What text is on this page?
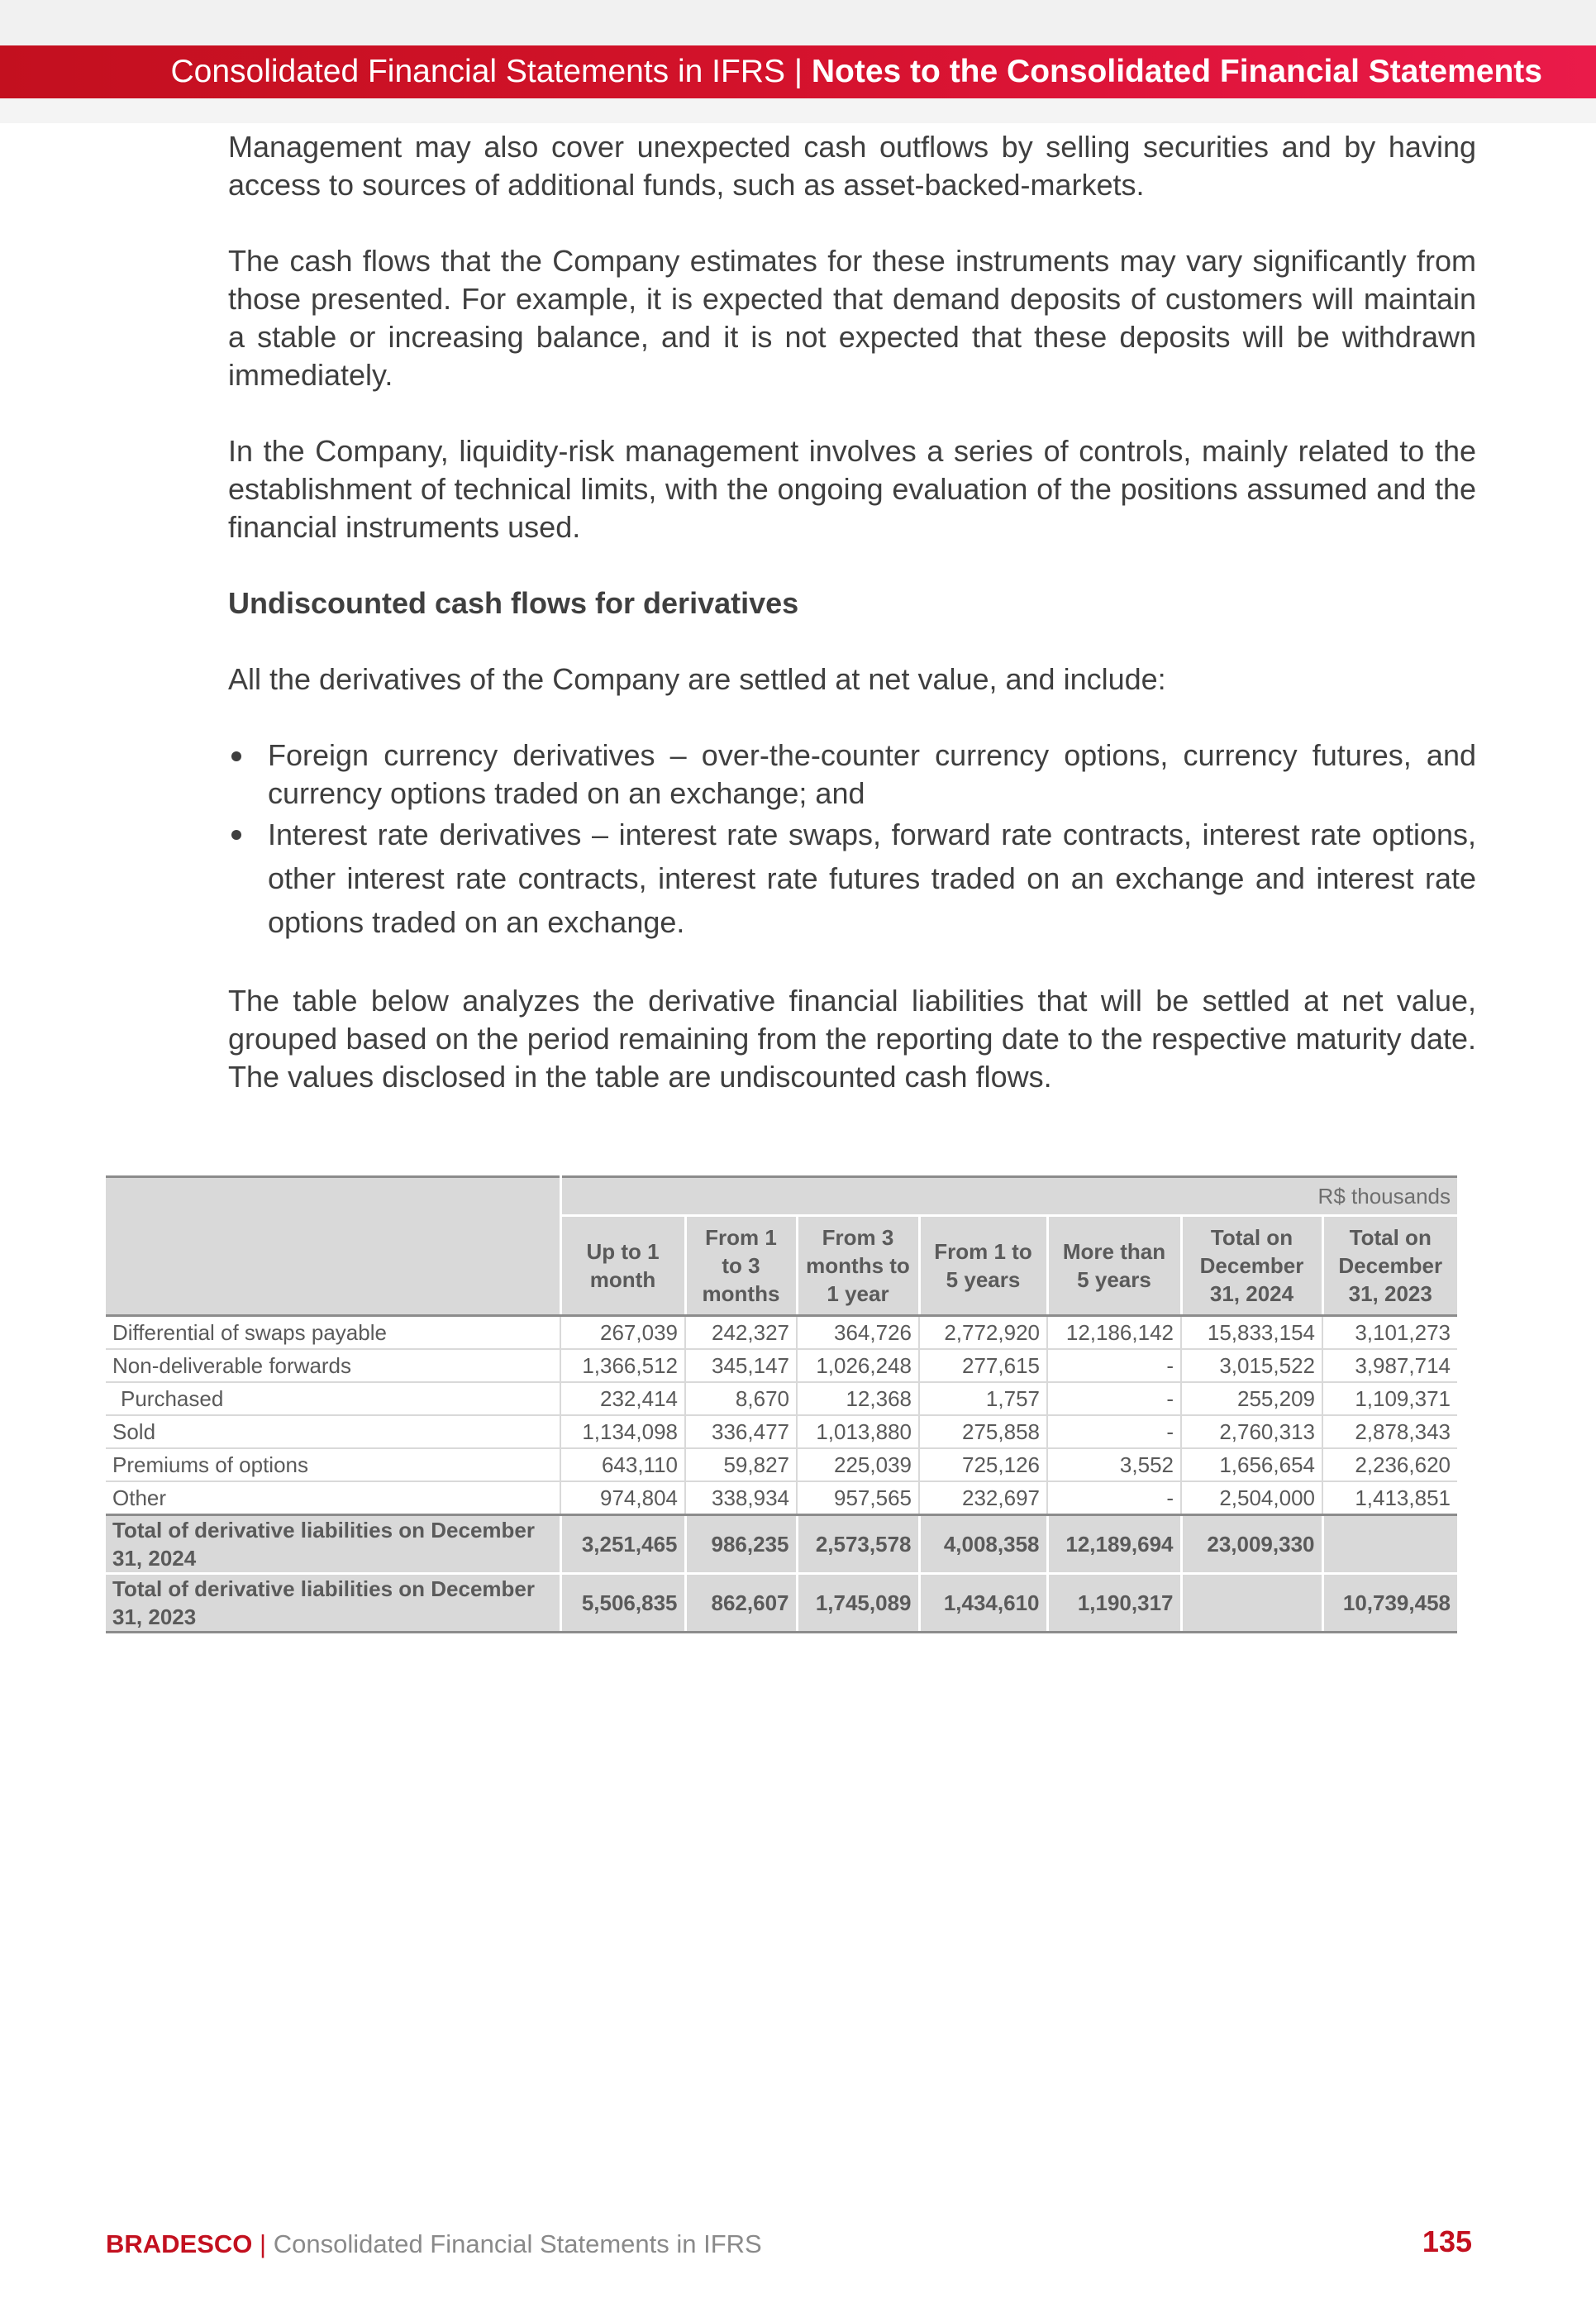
Consolidated Financial Statements in IFRS | Notes to the Consolidated Financial Statements

Management may also cover unexpected cash outflows by selling securities and by having access to sources of additional funds, such as asset-backed-markets.

The cash flows that the Company estimates for these instruments may vary significantly from those presented. For example, it is expected that demand deposits of customers will maintain a stable or increasing balance, and it is not expected that these deposits will be withdrawn immediately.

In the Company, liquidity-risk management involves a series of controls, mainly related to the establishment of technical limits, with the ongoing evaluation of the positions assumed and the financial instruments used.

Undiscounted cash flows for derivatives

All the derivatives of the Company are settled at net value, and include:

Foreign currency derivatives – over-the-counter currency options, currency futures, and currency options traded on an exchange; and
Interest rate derivatives – interest rate swaps, forward rate contracts, interest rate options, other interest rate contracts, interest rate futures traded on an exchange and interest rate options traded on an exchange.

The table below analyzes the derivative financial liabilities that will be settled at net value, grouped based on the period remaining from the reporting date to the respective maturity date. The values disclosed in the table are undiscounted cash flows.

	R$ thousands						
	Up to 1 month	From 1 to 3 months	From 3 months to 1 year	From 1 to 5 years	More than 5 years	Total on December 31, 2024	Total on December 31, 2023
Differential of swaps payable	267,039	242,327	364,726	2,772,920	12,186,142	15,833,154	3,101,273
Non-deliverable forwards	1,366,512	345,147	1,026,248	277,615	-	3,015,522	3,987,714
Purchased	232,414	8,670	12,368	1,757	-	255,209	1,109,371
Sold	1,134,098	336,477	1,013,880	275,858	-	2,760,313	2,878,343
Premiums of options	643,110	59,827	225,039	725,126	3,552	1,656,654	2,236,620
Other	974,804	338,934	957,565	232,697	-	2,504,000	1,413,851
Total of derivative liabilities on December 31, 2024	3,251,465	986,235	2,573,578	4,008,358	12,189,694	23,009,330	
Total of derivative liabilities on December 31, 2023	5,506,835	862,607	1,745,089	1,434,610	1,190,317		10,739,458
BRADESCO | Consolidated Financial Statements in IFRS	135
